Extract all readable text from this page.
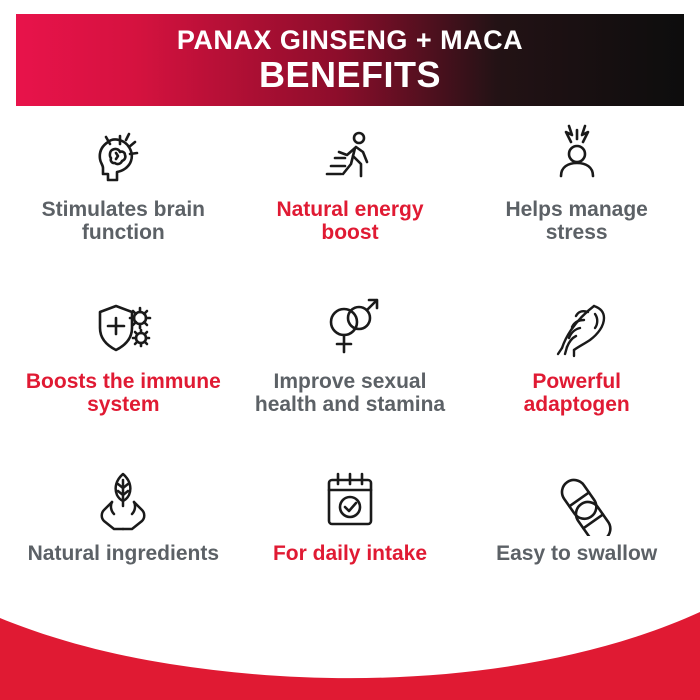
PANAX GINSENG + MACA
BENEFITS
Stimulates brain function
Natural energy boost
Helps manage stress
Boosts the immune system
Improve sexual health and stamina
Powerful adaptogen
Natural ingredients	For daily intake	Easy to swallow
